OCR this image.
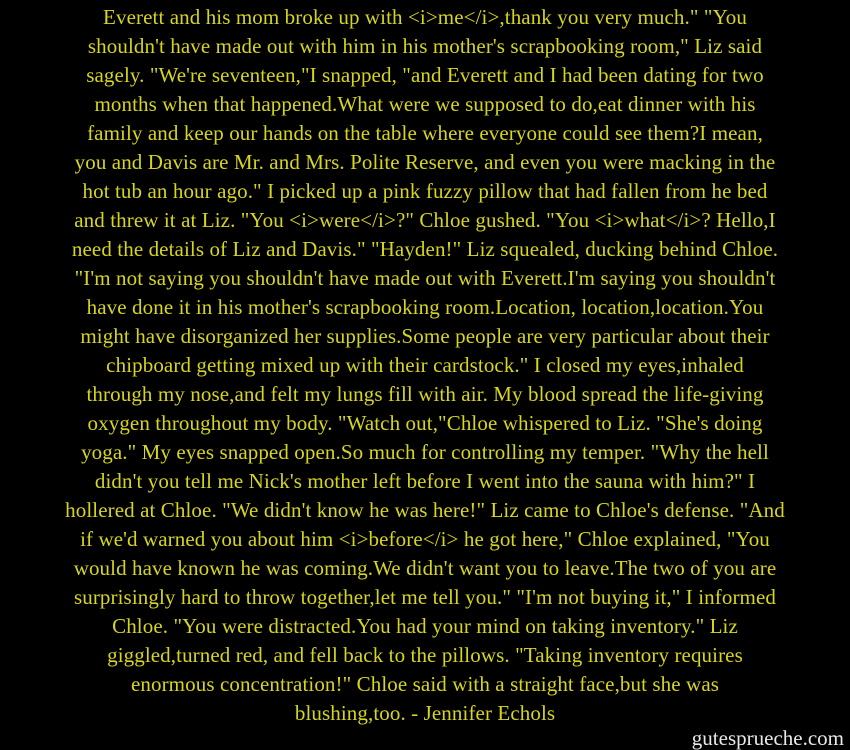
Everett and his mom broke up with <i>me</i>,thank you very much." "You
shouldn't have made out with him in his mother's scrapbooking room," Liz said
sagely. "We're seventeen,"I snapped, "and Everett and I had been dating for two
months when that happened.What were we supposed to do,eat dinner with his
family and keep our hands on the table where everyone could see them?I mean,
you and Davis are Mr. and Mrs. Polite Reserve, and even you were macking in the
hot tub an hour ago." I picked up a pink fuzzy pillow that had fallen from he bed
and threw it at Liz. "You <i>were</i>?" Chloe gushed. "You <i>what</i>? Hello,I
need the details of Liz and Davis." "Hayden!" Liz squealed, ducking behind Chloe.
"I'm not saying you shouldn't have made out with Everett.I'm saying you shouldn't
have done it in his mother's scrapbooking room.Location, location,location.You
might have disorganized her supplies.Some people are very particular about their
chipboard getting mixed up with their cardstock." I closed my eyes,inhaled
through my nose,and felt my lungs fill with air. My blood spread the life-giving
oxygen throughout my body. "Watch out,"Chloe whispered to Liz. "She's doing
yoga." My eyes snapped open.So much for controlling my temper. "Why the hell
didn't you tell me Nick's mother left before I went into the sauna with him?" I
hollered at Chloe. "We didn't know he was here!" Liz came to Chloe's defense. "And
if we'd warned you about him <i>before</i> he got here," Chloe explained, "You
would have known he was coming.We didn't want you to leave.The two of you are
surprisingly hard to throw together,let me tell you." "I'm not buying it," I informed
Chloe. "You were distracted.You had your mind on taking inventory." Liz
giggled,turned red, and fell back to the pillows. "Taking inventory requires
enormous concentration!" Chloe said with a straight face,but she was
blushing,too. - Jennifer Echols
gutesprueche.com
